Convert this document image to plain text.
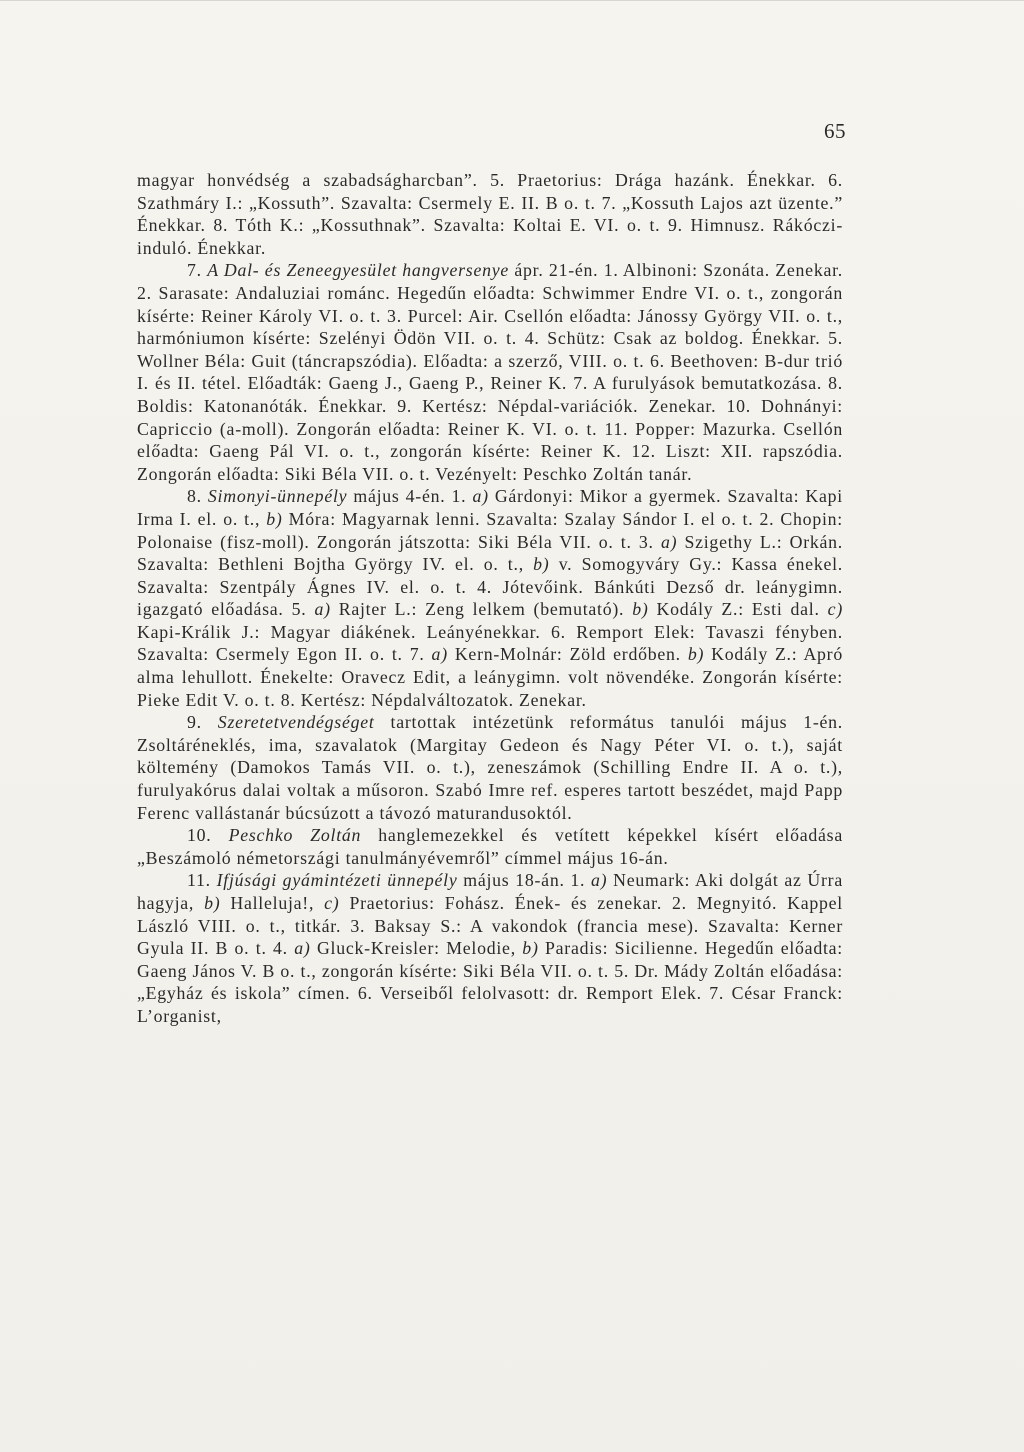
65

magyar honvédség a szabadságharcban”. 5. Praetorius: Drága hazánk. Énekkar. 6. Szathmáry I.: „Kossuth”. Szavalta: Csermely E. II. B o. t. 7. „Kossuth Lajos azt üzente.” Énekkar. 8. Tóth K.: „Kossuthnak”. Szavalta: Koltai E. VI. o. t. 9. Himnusz. Rákóczi-induló. Énekkar.

7. A Dal- és Zeneegyesület hangversenye ápr. 21-én. 1. Albinoni: Szonáta. Zenekar. 2. Sarasate: Andaluziai románc. Hegedűn előadta: Schwimmer Endre VI. o. t., zongorán kísérte: Reiner Károly VI. o. t. 3. Purcel: Air. Csellón előadta: Jánossy György VII. o. t., harmóniumon kísérte: Szelényi Ödön VII. o. t. 4. Schütz: Csak az boldog. Énekkar. 5. Wollner Béla: Guit (táncrapszódia). Előadta: a szerző, VIII. o. t. 6. Beethoven: B-dur trió I. és II. tétel. Előadták: Gaeng J., Gaeng P., Reiner K. 7. A furulyások bemutatkozása. 8. Boldis: Katonanóták. Énekkar. 9. Kertész: Népdal-variációk. Zenekar. 10. Dohnányi: Capriccio (a-moll). Zongorán előadta: Reiner K. VI. o. t. 11. Popper: Mazurka. Csellón előadta: Gaeng Pál VI. o. t., zongorán kísérte: Reiner K. 12. Liszt: XII. rapszódia. Zongorán előadta: Siki Béla VII. o. t. Vezényelt: Peschko Zoltán tanár.

8. Simonyi-ünnepély május 4-én. 1. a) Gárdonyi: Mikor a gyermek. Szavalta: Kapi Irma I. el. o. t., b) Móra: Magyarnak lenni. Szavalta: Szalay Sándor I. el o. t. 2. Chopin: Polonaise (fisz-moll). Zongorán játszotta: Siki Béla VII. o. t. 3. a) Szigethy L.: Orkán. Szavalta: Bethleni Bojtha György IV. el. o. t., b) v. Somogyváry Gy.: Kassa énekel. Szavalta: Szentpály Ágnes IV. el. o. t. 4. Jótevőink. Bánkúti Dezső dr. leánygimn. igazgató előadása. 5. a) Rajter L.: Zeng lelkem (bemutató). b) Kodály Z.: Esti dal. c) Kapi-Králik J.: Magyar diákének. Leányénekkar. 6. Remport Elek: Tavaszi fényben. Szavalta: Csermely Egon II. o. t. 7. a) Kern-Molnár: Zöld erdőben. b) Kodály Z.: Apró alma lehullott. Énekelte: Oravecz Edit, a leánygimn. volt növendéke. Zongorán kísérte: Pieke Edit V. o. t. 8. Kertész: Népdalváltozatok. Zenekar.

9. Szeretetvendégséget tartottak intézetünk református tanulói május 1-én. Zsoltáréneklés, ima, szavalatok (Margitay Gedeon és Nagy Péter VI. o. t.), saját költemény (Damokos Tamás VII. o. t.), zeneszámok (Schilling Endre II. A o. t.), furulyakórus dalai voltak a műsoron. Szabó Imre ref. esperes tartott beszédet, majd Papp Ferenc vallástanár búcsúzott a távozó maturandusoktól.

10. Peschko Zoltán hanglemezekkel és vetített képekkel kísért előadása „Beszámoló németországi tanulmányévemről” címmel május 16-án.

11. Ifjúsági gyámintézeti ünnepély május 18-án. 1. a) Neumark: Aki dolgát az Úrra hagyja, b) Halleluja!, c) Praetorius: Fohász. Ének- és zenekar. 2. Megnyitó. Kappel László VIII. o. t., titkár. 3. Baksay S.: A vakondok (francia mese). Szavalta: Kerner Gyula II. B o. t. 4. a) Gluck-Kreisler: Melodie, b) Paradis: Sicilienne. Hegedűn előadta: Gaeng János V. B o. t., zongorán kísérte: Siki Béla VII. o. t. 5. Dr. Mády Zoltán előadása: „Egyház és iskola” címen. 6. Verseiből felolvasott: dr. Remport Elek. 7. César Franck: L’organist,
